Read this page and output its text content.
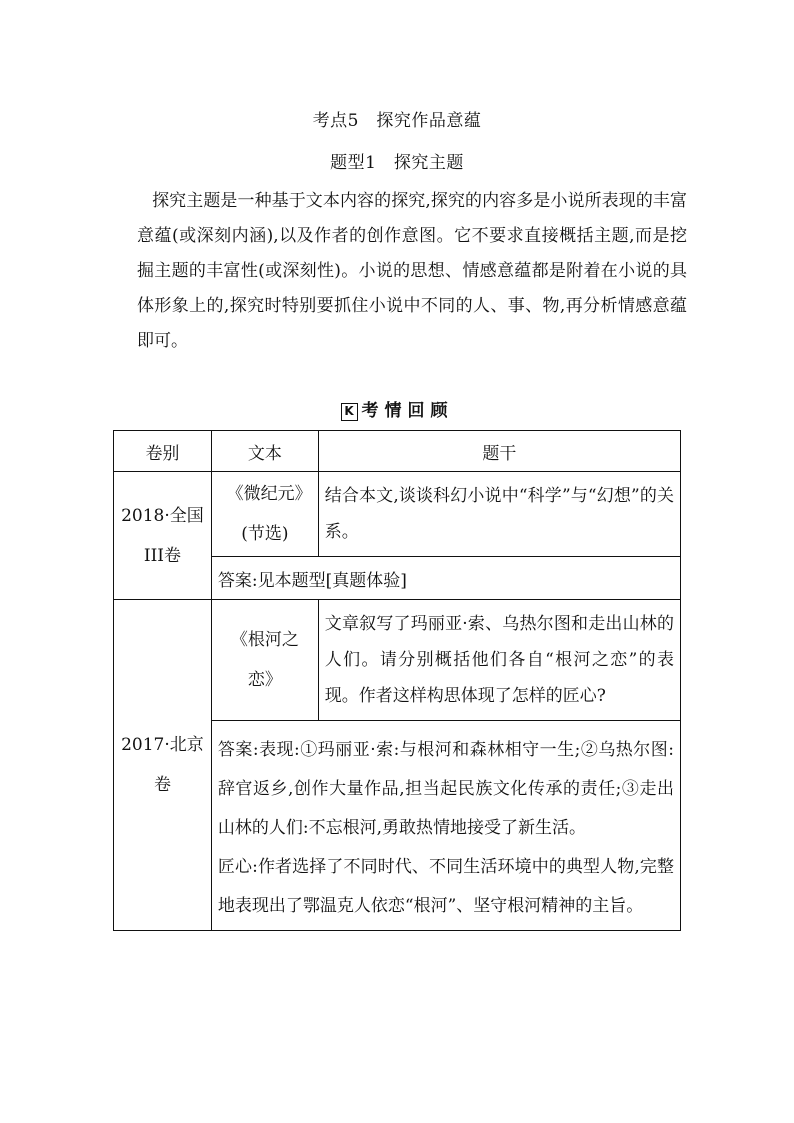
考点5　探究作品意蕴
题型1　探究主题
探究主题是一种基于文本内容的探究,探究的内容多是小说所表现的丰富意蕴(或深刻内涵),以及作者的创作意图。它不要求直接概括主题,而是挖掘主题的丰富性(或深刻性)。小说的思想、情感意蕴都是附着在小说的具体形象上的,探究时特别要抓住小说中不同的人、事、物,再分析情感意蕴即可。
K 考情回顾
卷别	文本	题干
2018·全国III卷	《微纪元》(节选)	结合本文,谈谈科幻小说中“科学”与“幻想”的关系。
	答案:见本题型[真题体验]	
2017·北京卷	《根河之恋》	文章叙写了玛丽亚·索、乌热尔图和走出山林的人们。请分别概括他们各自“根河之恋”的表现。作者这样构思体现了怎样的匠心?

	答案:表现:①玛丽亚·索:与根河和森林相守一生;②乌热尔图:辞官返乡,创作大量作品,担当起民族文化传承的责任;③走出山林的人们:不忘根河,勇敢热情地接受了新生活。
匠心:作者选择了不同时代、不同生活环境中的典型人物,完整地表现出了鄂温克人依恋“根河”、坚守根河精神的主旨。	
